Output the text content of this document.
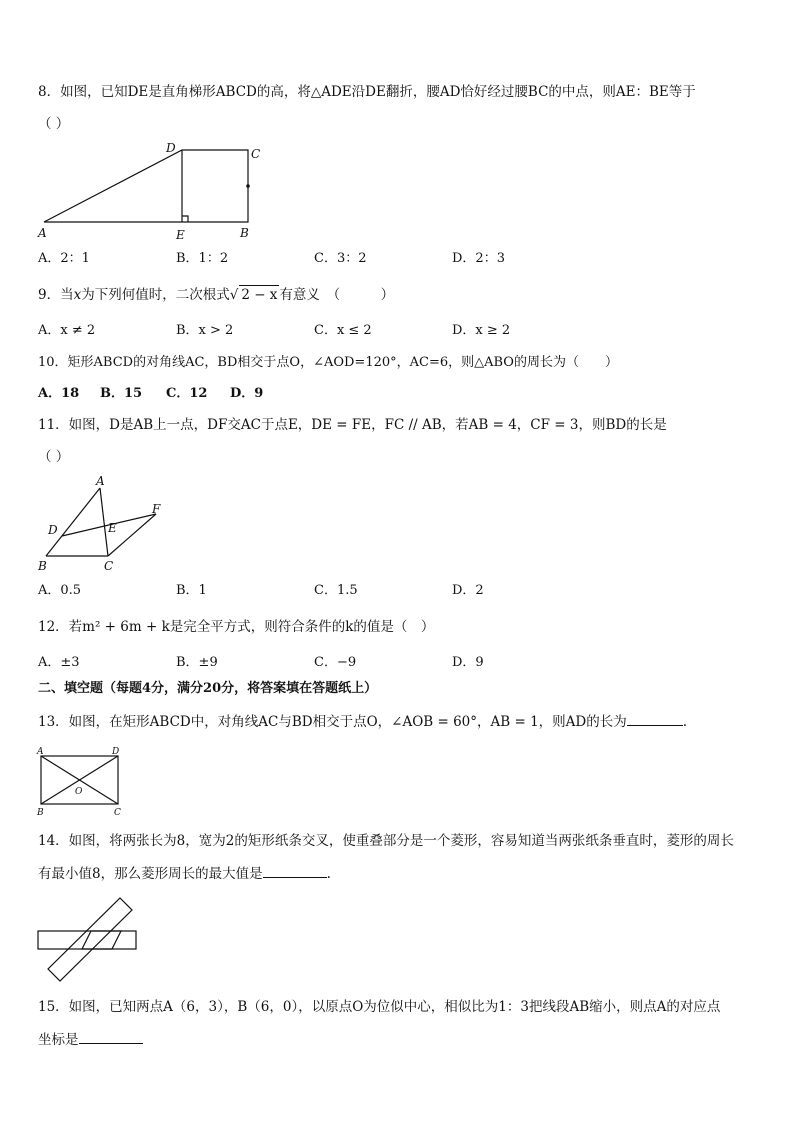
8．如图，已知DE是直角梯形ABCD的高，将△ADE沿DE翻折，腰AD恰好经过腰BC的中点，则AE：BE等于
（ ）
A	E	B
C
D
A．2：1	B．1：2	C．3：2	D．2：3
9．当x为下列何值时，二次根式√ 2 − x 有意义　（　　　）
A．x ≠ 2	B．x > 2	C．x ≤ 2	D．x ≥ 2
10．矩形ABCD的对角线AC，BD相交于点O，∠AOD=120°，AC=6，则△ABO的周长为（　　）
A．18 B．15 C．12 D．9
11．如图，D是AB上一点，DF交AC于点E，DE = FE，FC // AB，若AB = 4，CF = 3，则BD的长是
（ ）
A
B	C
D	E
F
A．0.5	B．1	C．1.5	D．2
12．若m² + 6m + k是完全平方式，则符合条件的k的值是（　）
A．±3	B．±9	C．−9	D．9
二、填空题（每题4分，满分20分，将答案填在答题纸上）
13．如图，在矩形ABCD中，对角线AC与BD相交于点O，∠AOB = 60°，AB = 1，则AD的长为	.
A	D
B	C
O
14．如图，将两张长为8，宽为2的矩形纸条交叉，使重叠部分是一个菱形，容易知道当两张纸条垂直时，菱形的周长
有最小值8，那么菱形周长的最大值是	.
15．如图，已知两点A（6，3），B（6，0），以原点O为位似中心，相似比为1：3把线段AB缩小，则点A的对应点
坐标是
